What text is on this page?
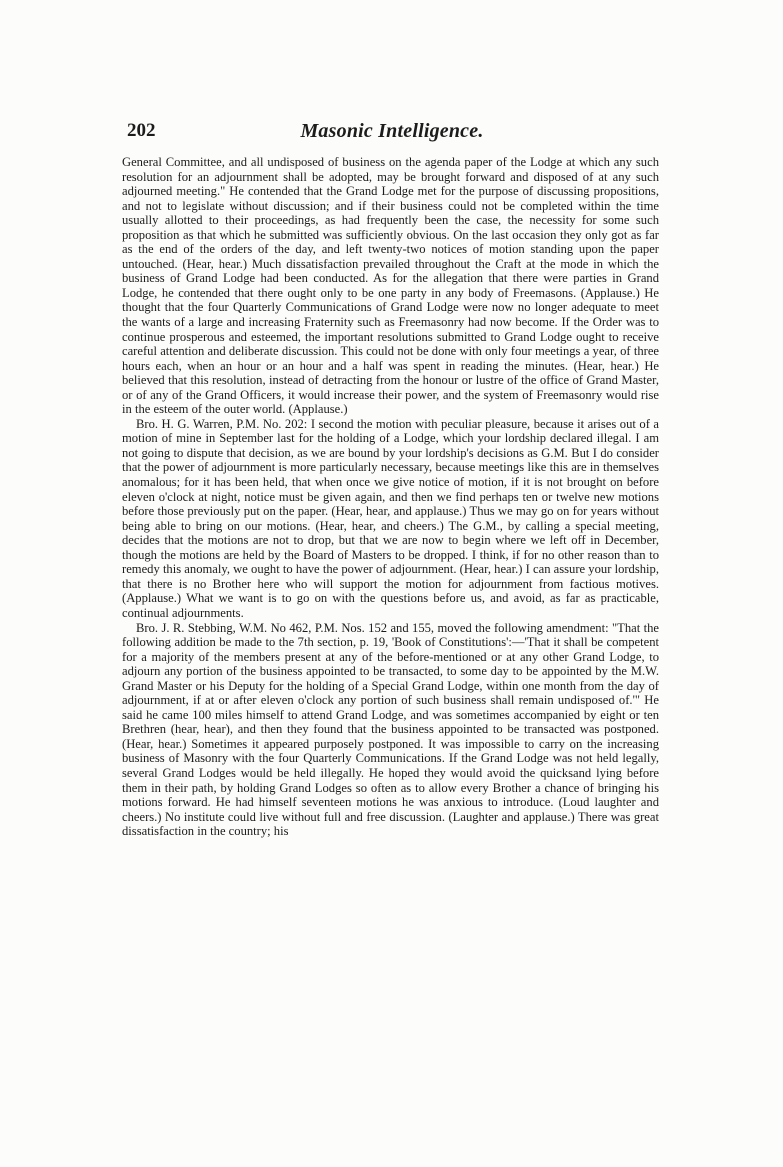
202	Masonic Intelligence.

General Committee, and all undisposed of business on the agenda paper of the Lodge at which any such resolution for an adjournment shall be adopted, may be brought forward and disposed of at any such adjourned meeting." He contended that the Grand Lodge met for the purpose of discussing propositions, and not to legislate without discussion; and if their business could not be completed within the time usually allotted to their proceedings, as had frequently been the case, the necessity for some such proposition as that which he submitted was sufficiently obvious. On the last occasion they only got as far as the end of the orders of the day, and left twenty-two notices of motion standing upon the paper untouched. (Hear, hear.) Much dissatisfaction prevailed throughout the Craft at the mode in which the business of Grand Lodge had been conducted. As for the allegation that there were parties in Grand Lodge, he contended that there ought only to be one party in any body of Freemasons. (Applause.) He thought that the four Quarterly Communications of Grand Lodge were now no longer adequate to meet the wants of a large and increasing Fraternity such as Freemasonry had now become. If the Order was to continue prosperous and esteemed, the important resolutions submitted to Grand Lodge ought to receive careful attention and deliberate discussion. This could not be done with only four meetings a year, of three hours each, when an hour or an hour and a half was spent in reading the minutes. (Hear, hear.) He believed that this resolution, instead of detracting from the honour or lustre of the office of Grand Master, or of any of the Grand Officers, it would increase their power, and the system of Freemasonry would rise in the esteem of the outer world. (Applause.)

Bro. H. G. Warren, P.M. No. 202: I second the motion with peculiar pleasure, because it arises out of a motion of mine in September last for the holding of a Lodge, which your lordship declared illegal. I am not going to dispute that decision, as we are bound by your lordship's decisions as G.M. But I do consider that the power of adjournment is more particularly necessary, because meetings like this are in themselves anomalous; for it has been held, that when once we give notice of motion, if it is not brought on before eleven o'clock at night, notice must be given again, and then we find perhaps ten or twelve new motions before those previously put on the paper. (Hear, hear, and applause.) Thus we may go on for years without being able to bring on our motions. (Hear, hear, and cheers.) The G.M., by calling a special meeting, decides that the motions are not to drop, but that we are now to begin where we left off in December, though the motions are held by the Board of Masters to be dropped. I think, if for no other reason than to remedy this anomaly, we ought to have the power of adjournment. (Hear, hear.) I can assure your lordship, that there is no Brother here who will support the motion for adjournment from factious motives. (Applause.) What we want is to go on with the questions before us, and avoid, as far as practicable, continual adjournments.

Bro. J. R. Stebbing, W.M. No 462, P.M. Nos. 152 and 155, moved the following amendment: "That the following addition be made to the 7th section, p. 19, 'Book of Constitutions':—'That it shall be competent for a majority of the members present at any of the before-mentioned or at any other Grand Lodge, to adjourn any portion of the business appointed to be transacted, to some day to be appointed by the M.W. Grand Master or his Deputy for the holding of a Special Grand Lodge, within one month from the day of adjournment, if at or after eleven o'clock any portion of such business shall remain undisposed of.'" He said he came 100 miles himself to attend Grand Lodge, and was sometimes accompanied by eight or ten Brethren (hear, hear), and then they found that the business appointed to be transacted was postponed. (Hear, hear.) Sometimes it appeared purposely postponed. It was impossible to carry on the increasing business of Masonry with the four Quarterly Communications. If the Grand Lodge was not held legally, several Grand Lodges would be held illegally. He hoped they would avoid the quicksand lying before them in their path, by holding Grand Lodges so often as to allow every Brother a chance of bringing his motions forward. He had himself seventeen motions he was anxious to introduce. (Loud laughter and cheers.) No institute could live without full and free discussion. (Laughter and applause.) There was great dissatisfaction in the country; his
